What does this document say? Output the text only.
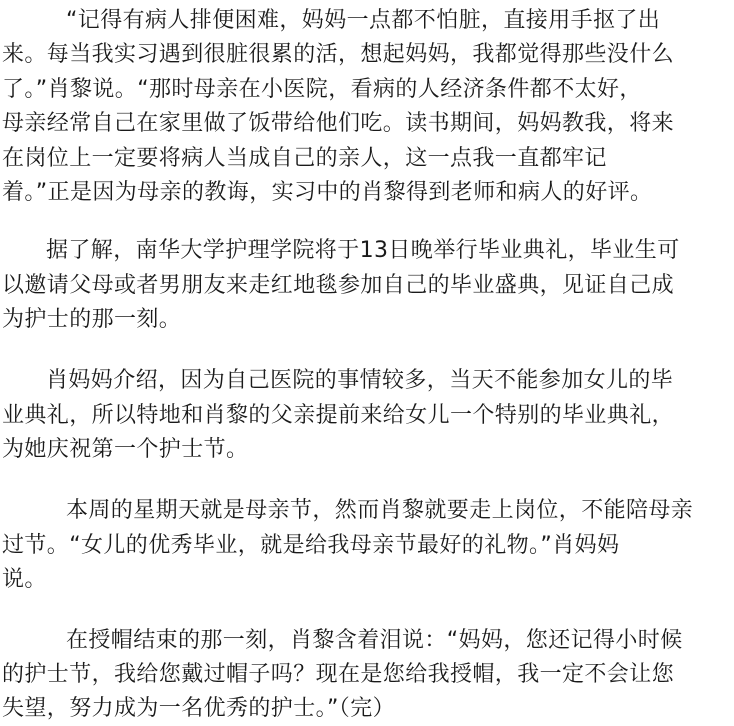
“记得有病人排便困难，妈妈一点都不怕脏，直接用手抠了出
来。每当我实习遇到很脏很累的活，想起妈妈，我都觉得那些没什么
了。”肖黎说。“那时母亲在小医院，看病的人经济条件都不太好，
母亲经常自己在家里做了饭带给他们吃。读书期间，妈妈教我，将来
在岗位上一定要将病人当成自己的亲人，这一点我一直都牢记
着。”正是因为母亲的教诲，实习中的肖黎得到老师和病人的好评。
据了解，南华大学护理学院将于13日晚举行毕业典礼，毕业生可
以邀请父母或者男朋友来走红地毯参加自己的毕业盛典，见证自己成
为护士的那一刻。
肖妈妈介绍，因为自己医院的事情较多，当天不能参加女儿的毕
业典礼，所以特地和肖黎的父亲提前来给女儿一个特别的毕业典礼，
为她庆祝第一个护士节。
本周的星期天就是母亲节，然而肖黎就要走上岗位，不能陪母亲
过节。“女儿的优秀毕业，就是给我母亲节最好的礼物。”肖妈妈
说。
在授帽结束的那一刻，肖黎含着泪说：“妈妈，您还记得小时候
的护士节，我给您戴过帽子吗？现在是您给我授帽，我一定不会让您
失望，努力成为一名优秀的护士。”（完）
